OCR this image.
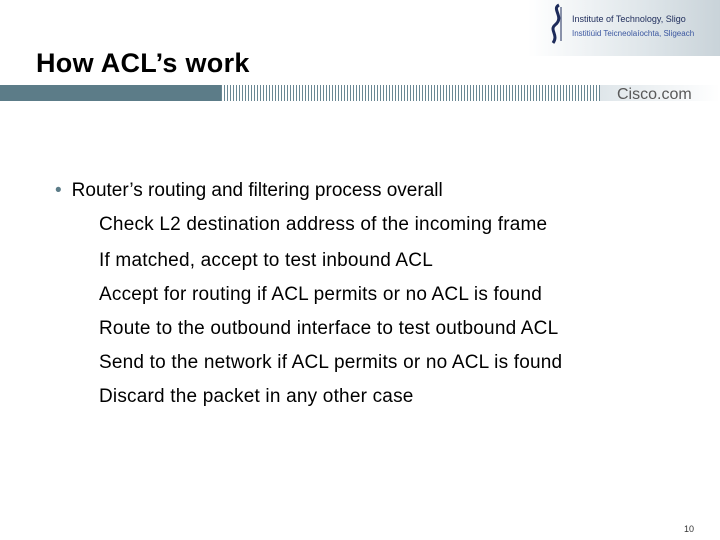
Institute of Technology, Sligo
Institiúid Teicneolaíochta, Sligeach
How ACL’s work
Cisco.com
• Router’s routing and filtering process overall
Check L2 destination address of the incoming frame
If matched, accept to test inbound ACL
Accept for routing if ACL permits or no ACL is found
Route to the outbound interface to test outbound ACL
Send to the network if ACL permits or no ACL is found
Discard the packet in any other case
10
